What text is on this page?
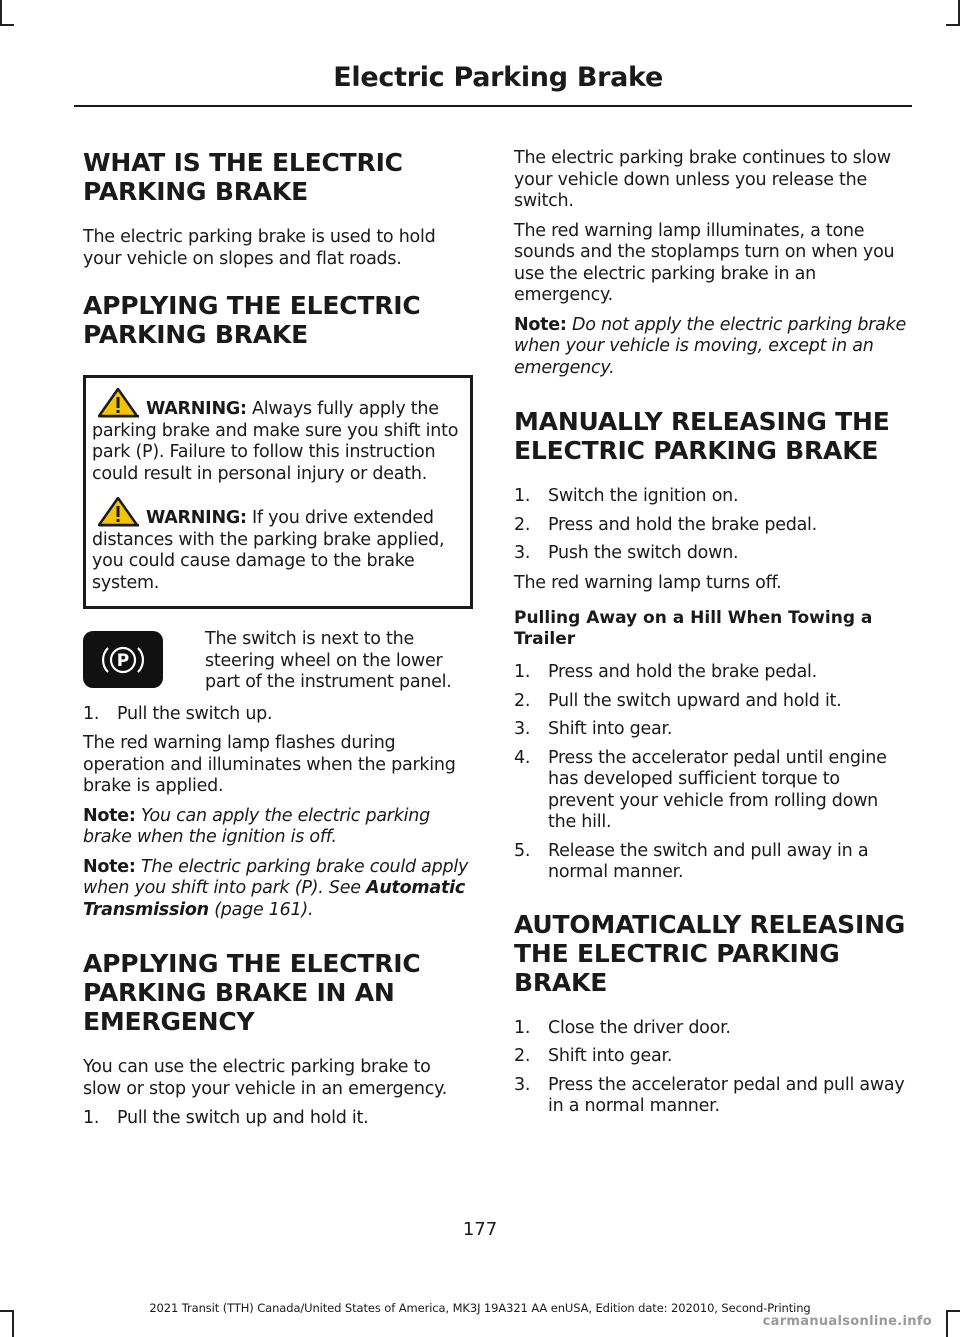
Electric Parking Brake
WHAT IS THE ELECTRIC
PARKING BRAKE

The electric parking brake is used to hold your vehicle on slopes and flat roads.

APPLYING THE ELECTRIC
PARKING BRAKE

WARNING: Always fully apply the parking brake and make sure you shift into park (P). Failure to follow this instruction could result in personal injury or death.

WARNING: If you drive extended distances with the parking brake applied, you could cause damage to the brake system.

P

The switch is next to the steering wheel on the lower part of the instrument panel.

1. Pull the switch up.

The red warning lamp flashes during operation and illuminates when the parking brake is applied.

Note: You can apply the electric parking brake when the ignition is off.

Note: The electric parking brake could apply when you shift into park (P). See Automatic Transmission (page 161).

APPLYING THE ELECTRIC
PARKING BRAKE IN AN
EMERGENCY

You can use the electric parking brake to slow or stop your vehicle in an emergency.

1. Pull the switch up and hold it.

The electric parking brake continues to slow your vehicle down unless you release the switch.

The red warning lamp illuminates, a tone sounds and the stoplamps turn on when you use the electric parking brake in an emergency.

Note: Do not apply the electric parking brake when your vehicle is moving, except in an emergency.

MANUALLY RELEASING THE
ELECTRIC PARKING BRAKE
1. Switch the ignition on.
2. Press and hold the brake pedal.
3. Push the switch down.

The red warning lamp turns off.

Pulling Away on a Hill When Towing a Trailer
1. Press and hold the brake pedal.
2. Pull the switch upward and hold it.
3. Shift into gear.
4. Press the accelerator pedal until engine has developed sufficient torque to prevent your vehicle from rolling down the hill.
5. Release the switch and pull away in a normal manner.
AUTOMATICALLY RELEASING
THE ELECTRIC PARKING
BRAKE
1. Close the driver door.
2. Shift into gear.
3. Press the accelerator pedal and pull away in a normal manner.
177
2021 Transit (TTH) Canada/United States of America, MK3J 19A321 AA enUSA, Edition date: 202010, Second-Printing
carmanualsonline.info
